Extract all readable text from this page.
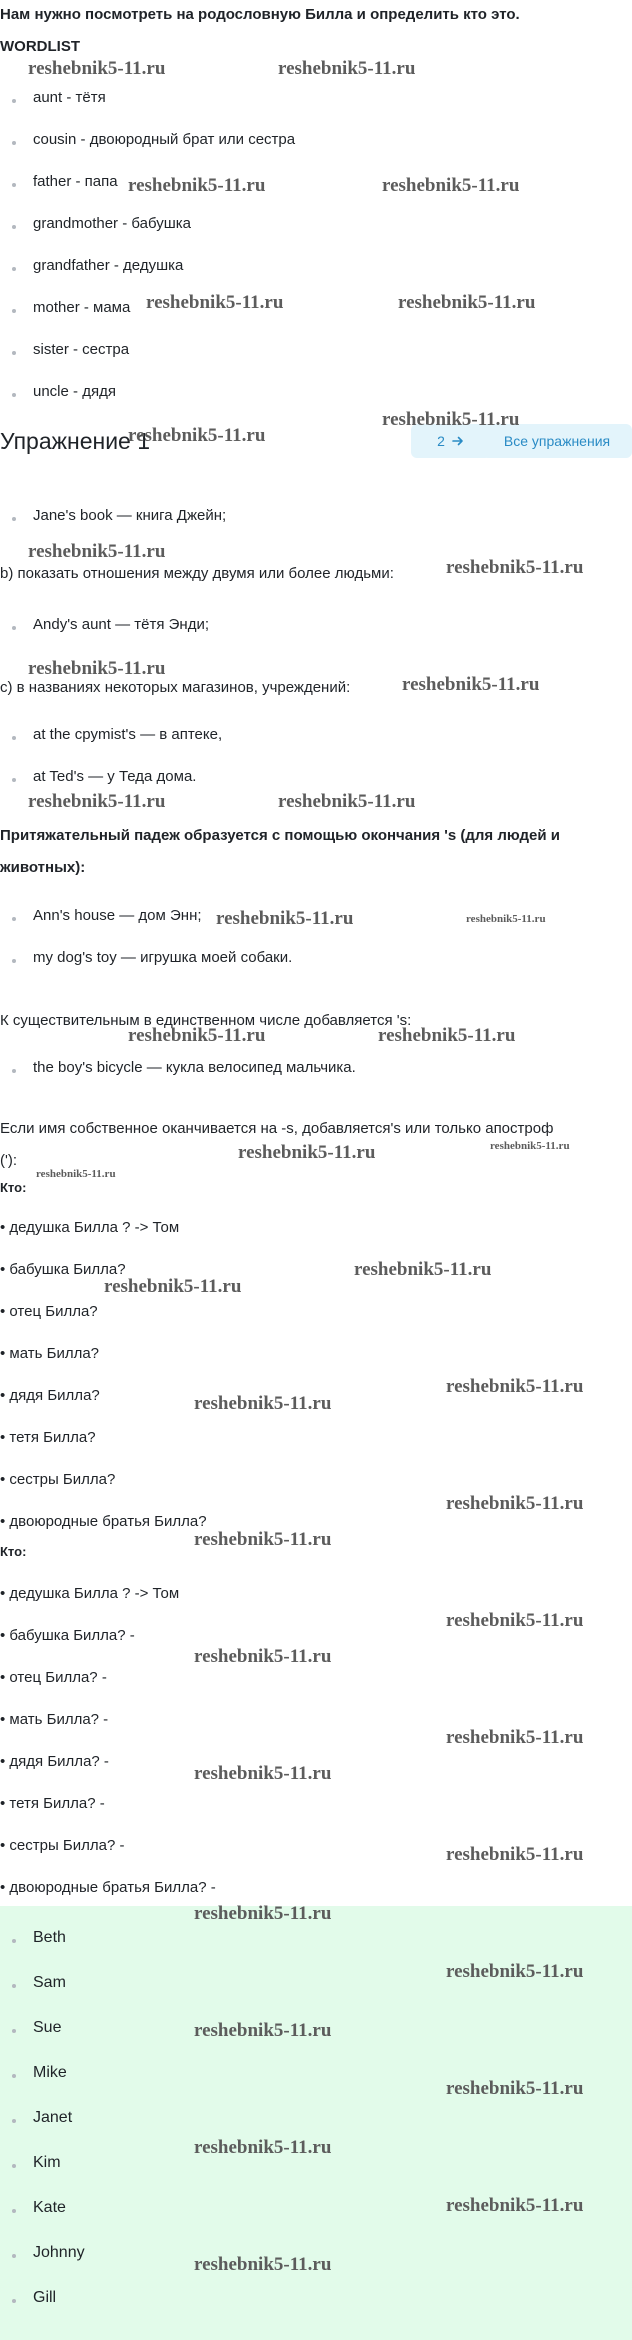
Нам нужно посмотреть на родословную Билла и определить кто это.
WORDLIST
aunt - тётя
cousin - двоюродный брат или сестра
father - папа
grandmother - бабушка
grandfather - дедушка
mother - мама
sister - сестра
uncle - дядя
Упражнение 1	2	Все упражнения
Jane's book — книга Джейн;
b) показать отношения между двумя или более людьми:
Andy's aunt — тётя Энди;
c) в названиях некоторых магазинов, учреждений:
at the cpymist's — в аптеке,
at Ted's — у Теда дома.
Притяжательный падеж образуется с помощью окончания 's (для людей и
животных):
Ann's house — дом Энн;
my dog's toy — игрушка моей собаки.
К существительным в единственном числе добавляется 's:
the boy's bicycle — кукла велосипед мальчика.
Если имя собственное оканчивается на -s, добавляется's или только апостроф
('):
Кто:
• дедушка Билла ? -> Том
• бабушка Билла?
• отец Билла?
• мать Билла?
• дядя Билла?
• тетя Билла?
• сестры Билла?
• двоюродные братья Билла?
Кто:
• дедушка Билла ? -> Том
• бабушка Билла? -
• отец Билла? -
• мать Билла? -
• дядя Билла? -
• тетя Билла? -
• сестры Билла? -
• двоюродные братья Билла? -
Beth
Sam
Sue
Mike
Janet
Kim
Kate
Johnny
Gill
reshebnik5-11.ru	reshebnik5-11.ru
reshebnik5-11.ru	reshebnik5-11.ru
reshebnik5-11.ru	reshebnik5-11.ru
reshebnik5-11.ru
reshebnik5-11.ru
reshebnik5-11.ru
reshebnik5-11.ru
reshebnik5-11.ru
reshebnik5-11.ru
reshebnik5-11.ru	reshebnik5-11.ru
reshebnik5-11.ru	reshebnik5-11.ru
reshebnik5-11.ru	reshebnik5-11.ru
reshebnik5-11.ru	reshebnik5-11.ru
reshebnik5-11.ru
reshebnik5-11.ru
reshebnik5-11.ru
reshebnik5-11.ru
reshebnik5-11.ru
reshebnik5-11.ru
reshebnik5-11.ru
reshebnik5-11.ru
reshebnik5-11.ru
reshebnik5-11.ru
reshebnik5-11.ru
reshebnik5-11.ru
reshebnik5-11.ru
reshebnik5-11.ru
reshebnik5-11.ru
reshebnik5-11.ru
reshebnik5-11.ru
reshebnik5-11.ru
reshebnik5-11.ru
